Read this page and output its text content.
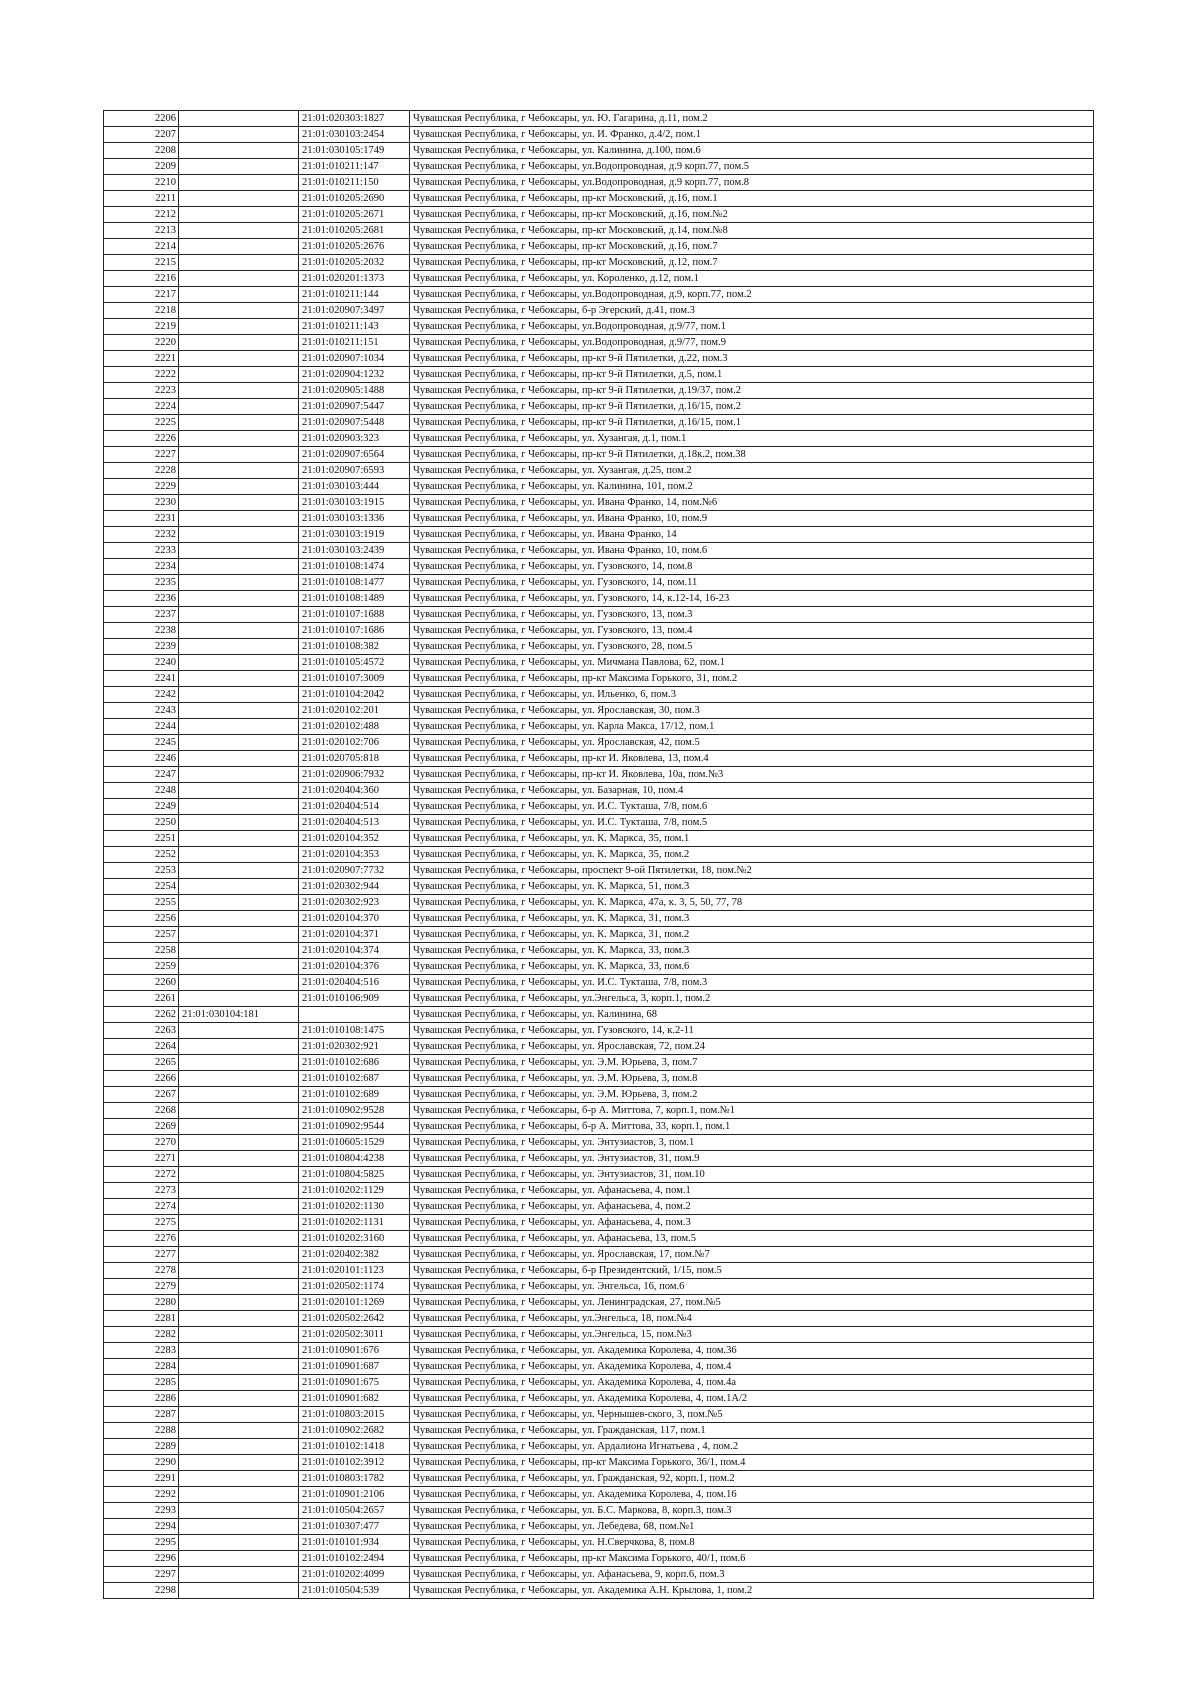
2206		21:01:020303:1827	Чувашская Республика, г Чебоксары, ул. Ю. Гагарина, д.11, пом.2
2207		21:01:030103:2454	Чувашская Республика, г Чебоксары, ул. И. Франко, д.4/2, пом.1
2208		21:01:030105:1749	Чувашская Республика, г Чебоксары, ул. Калинина, д.100, пом.6
2209		21:01:010211:147	Чувашская Республика, г Чебоксары, ул.Водопроводная, д.9 корп.77, пом.5
2210		21:01:010211:150	Чувашская Республика, г Чебоксары, ул.Водопроводная, д.9 корп.77, пом.8
2211		21:01:010205:2690	Чувашская Республика, г Чебоксары, пр-кт Московский, д.16, пом.1
2212		21:01:010205:2671	Чувашская Республика, г Чебоксары, пр-кт Московский, д.16, пом.№2
2213		21:01:010205:2681	Чувашская Республика, г Чебоксары, пр-кт Московский, д.14, пом.№8
2214		21:01:010205:2676	Чувашская Республика, г Чебоксары, пр-кт Московский, д.16, пом.7
2215		21:01:010205:2032	Чувашская Республика, г Чебоксары, пр-кт Московский, д.12, пом.7
2216		21:01:020201:1373	Чувашская Республика, г Чебоксары, ул. Короленко, д.12, пом.1
2217		21:01:010211:144	Чувашская Республика, г Чебоксары, ул.Водопроводная, д.9, корп.77, пом.2
2218		21:01:020907:3497	Чувашская Республика, г Чебоксары, б-р Эгерский, д.41, пом.3
2219		21:01:010211:143	Чувашская Республика, г Чебоксары, ул.Водопроводная, д.9/77, пом.1
2220		21:01:010211:151	Чувашская Республика, г Чебоксары, ул.Водопроводная, д.9/77, пом.9
2221		21:01:020907:1034	Чувашская Республика, г Чебоксары, пр-кт 9-й Пятилетки, д.22, пом.3
2222		21:01:020904:1232	Чувашская Республика, г Чебоксары, пр-кт 9-й Пятилетки, д.5, пом.1
2223		21:01:020905:1488	Чувашская Республика, г Чебоксары, пр-кт 9-й Пятилетки, д.19/37, пом.2
2224		21:01:020907:5447	Чувашская Республика, г Чебоксары, пр-кт 9-й Пятилетки, д.16/15, пом.2
2225		21:01:020907:5448	Чувашская Республика, г Чебоксары, пр-кт 9-й Пятилетки, д.16/15, пом.1
2226		21:01:020903:323	Чувашская Республика, г Чебоксары, ул. Хузангая, д.1, пом.1
2227		21:01:020907:6564	Чувашская Республика, г Чебоксары, пр-кт 9-й Пятилетки, д.18к.2, пом.38
2228		21:01:020907:6593	Чувашская Республика, г Чебоксары, ул. Хузангая, д.25, пом.2
2229		21:01:030103:444	Чувашская Республика, г Чебоксары, ул. Калинина, 101, пом.2
2230		21:01:030103:1915	Чувашская Республика, г Чебоксары, ул. Ивана Франко, 14, пом.№6
2231		21:01:030103:1336	Чувашская Республика, г Чебоксары, ул. Ивана Франко, 10, пом.9
2232		21:01:030103:1919	Чувашская Республика, г Чебоксары, ул. Ивана Франко, 14
2233		21:01:030103:2439	Чувашская Республика, г Чебоксары, ул. Ивана Франко, 10, пом.6
2234		21:01:010108:1474	Чувашская Республика, г Чебоксары, ул. Гузовского, 14, пом.8
2235		21:01:010108:1477	Чувашская Республика, г Чебоксары, ул. Гузовского, 14, пом.11
2236		21:01:010108:1489	Чувашская Республика, г Чебоксары, ул. Гузовского, 14, к.12-14, 16-23
2237		21:01:010107:1688	Чувашская Республика, г Чебоксары, ул. Гузовского, 13, пом.3
2238		21:01:010107:1686	Чувашская Республика, г Чебоксары, ул. Гузовского, 13, пом.4
2239		21:01:010108:382	Чувашская Республика, г Чебоксары, ул. Гузовского, 28, пом.5
2240		21:01:010105:4572	Чувашская Республика, г Чебоксары, ул. Мичмана Павлова, 62, пом.1
2241		21:01:010107:3009	Чувашская Республика, г Чебоксары, пр-кт Максима Горького, 31, пом.2
2242		21:01:010104:2042	Чувашская Республика, г Чебоксары, ул. Ильенко, 6, пом.3
2243		21:01:020102:201	Чувашская Республика, г Чебоксары, ул. Ярославская, 30, пом.3
2244		21:01:020102:488	Чувашская Республика, г Чебоксары, ул. Карла Макса, 17/12, пом.1
2245		21:01:020102:706	Чувашская Республика, г Чебоксары, ул. Ярославская, 42, пом.5
2246		21:01:020705:818	Чувашская Республика, г Чебоксары, пр-кт И. Яковлева, 13, пом.4
2247		21:01:020906:7932	Чувашская Республика, г Чебоксары, пр-кт И. Яковлева, 10а, пом.№3
2248		21:01:020404:360	Чувашская Республика, г Чебоксары, ул. Базарная, 10, пом.4
2249		21:01:020404:514	Чувашская Республика, г Чебоксары, ул. И.С. Тукташа, 7/8, пом.6
2250		21:01:020404:513	Чувашская Республика, г Чебоксары, ул. И.С. Тукташа, 7/8, пом.5
2251		21:01:020104:352	Чувашская Республика, г Чебоксары, ул. К. Маркса, 35, пом.1
2252		21:01:020104:353	Чувашская Республика, г Чебоксары, ул. К. Маркса, 35, пом.2
2253		21:01:020907:7732	Чувашская Республика, г Чебоксары, проспект 9-ой Пятилетки, 18, пом.№2
2254		21:01:020302:944	Чувашская Республика, г Чебоксары, ул. К. Маркса, 51, пом.3
2255		21:01:020302:923	Чувашская Республика, г Чебоксары, ул. К. Маркса, 47а, к. 3, 5, 50, 77, 78
2256		21:01:020104:370	Чувашская Республика, г Чебоксары, ул. К. Маркса, 31, пом.3
2257		21:01:020104:371	Чувашская Республика, г Чебоксары, ул. К. Маркса, 31, пом.2
2258		21:01:020104:374	Чувашская Республика, г Чебоксары, ул. К. Маркса, 33, пом.3
2259		21:01:020104:376	Чувашская Республика, г Чебоксары, ул. К. Маркса, 33, пом.6
2260		21:01:020404:516	Чувашская Республика, г Чебоксары, ул. И.С. Тукташа, 7/8, пом.3
2261		21:01:010106:909	Чувашская Республика, г Чебоксары, ул.Энгельса, 3, корп.1, пом.2
2262	21:01:030104:181		Чувашская Республика, г Чебоксары, ул. Калинина, 68
2263		21:01:010108:1475	Чувашская Республика, г Чебоксары, ул. Гузовского, 14, к.2-11
2264		21:01:020302:921	Чувашская Республика, г Чебоксары, ул. Ярославская, 72, пом.24
2265		21:01:010102:686	Чувашская Республика, г Чебоксары, ул. Э.М. Юрьева, 3, пом.7
2266		21:01:010102:687	Чувашская Республика, г Чебоксары, ул. Э.М. Юрьева, 3, пом.8
2267		21:01:010102:689	Чувашская Республика, г Чебоксары, ул. Э.М. Юрьева, 3, пом.2
2268		21:01:010902:9528	Чувашская Республика, г Чебоксары, б-р А. Миттова, 7, корп.1, пом.№1
2269		21:01:010902:9544	Чувашская Республика, г Чебоксары, б-р А. Миттова, 33, корп.1, пом.1
2270		21:01:010605:1529	Чувашская Республика, г Чебоксары, ул. Энтузиастов, 3, пом.1
2271		21:01:010804:4238	Чувашская Республика, г Чебоксары, ул. Энтузиастов, 31, пом.9
2272		21:01:010804:5825	Чувашская Республика, г Чебоксары, ул. Энтузиастов, 31, пом.10
2273		21:01:010202:1129	Чувашская Республика, г Чебоксары, ул. Афанасьева, 4, пом.1
2274		21:01:010202:1130	Чувашская Республика, г Чебоксары, ул. Афанасьева, 4, пом.2
2275		21:01:010202:1131	Чувашская Республика, г Чебоксары, ул. Афанасьева, 4, пом.3
2276		21:01:010202:3160	Чувашская Республика, г Чебоксары, ул. Афанасьева, 13, пом.5
2277		21:01:020402:382	Чувашская Республика, г Чебоксары, ул. Ярославская, 17, пом.№7
2278		21:01:020101:1123	Чувашская Республика, г Чебоксары, б-р Президентский, 1/15, пом.5
2279		21:01:020502:1174	Чувашская Республика, г Чебоксары, ул. Энгельса, 16, пом.6
2280		21:01:020101:1269	Чувашская Республика, г Чебоксары, ул. Ленинградская, 27, пом.№5
2281		21:01:020502:2642	Чувашская Республика, г Чебоксары, ул.Энгельса, 18, пом.№4
2282		21:01:020502:3011	Чувашская Республика, г Чебоксары, ул.Энгельса, 15, пом.№3
2283		21:01:010901:676	Чувашская Республика, г Чебоксары, ул. Академика Королева, 4, пом.36
2284		21:01:010901:687	Чувашская Республика, г Чебоксары, ул. Академика Королева, 4, пом.4
2285		21:01:010901:675	Чувашская Республика, г Чебоксары, ул. Академика Королева, 4, пом.4а
2286		21:01:010901:682	Чувашская Республика, г Чебоксары, ул. Академика Королева, 4, пом.1А/2
2287		21:01:010803:2015	Чувашская Республика, г Чебоксары, ул. Чернышев-ского, 3, пом.№5
2288		21:01:010902:2682	Чувашская Республика, г Чебоксары, ул. Гражданская, 117, пом.1
2289		21:01:010102:1418	Чувашская Республика, г Чебоксары, ул. Ардалиона Игнатьева , 4, пом.2
2290		21:01:010102:3912	Чувашская Республика, г Чебоксары, пр-кт Максима Горького, 36/1, пом.4
2291		21:01:010803:1782	Чувашская Республика, г Чебоксары, ул. Гражданская, 92, корп.1, пом.2
2292		21:01:010901:2106	Чувашская Республика, г Чебоксары, ул. Академика Королева, 4, пом.16
2293		21:01:010504:2657	Чувашская Республика, г Чебоксары, ул. Б.С. Маркова, 8, корп.3, пом.3
2294		21:01:010307:477	Чувашская Республика, г Чебоксары, ул. Лебедева, 68, пом.№1
2295		21:01:010101:934	Чувашская Республика, г Чебоксары, ул. Н.Сверчкова, 8, пом.8
2296		21:01:010102:2494	Чувашская Республика, г Чебоксары, пр-кт Максима Горького, 40/1, пом.6
2297		21:01:010202:4099	Чувашская Республика, г Чебоксары, ул. Афанасьева, 9, корп.6, пом.3
2298		21:01:010504:539	Чувашская Республика, г Чебоксары, ул. Академика А.Н. Крылова, 1, пом.2
